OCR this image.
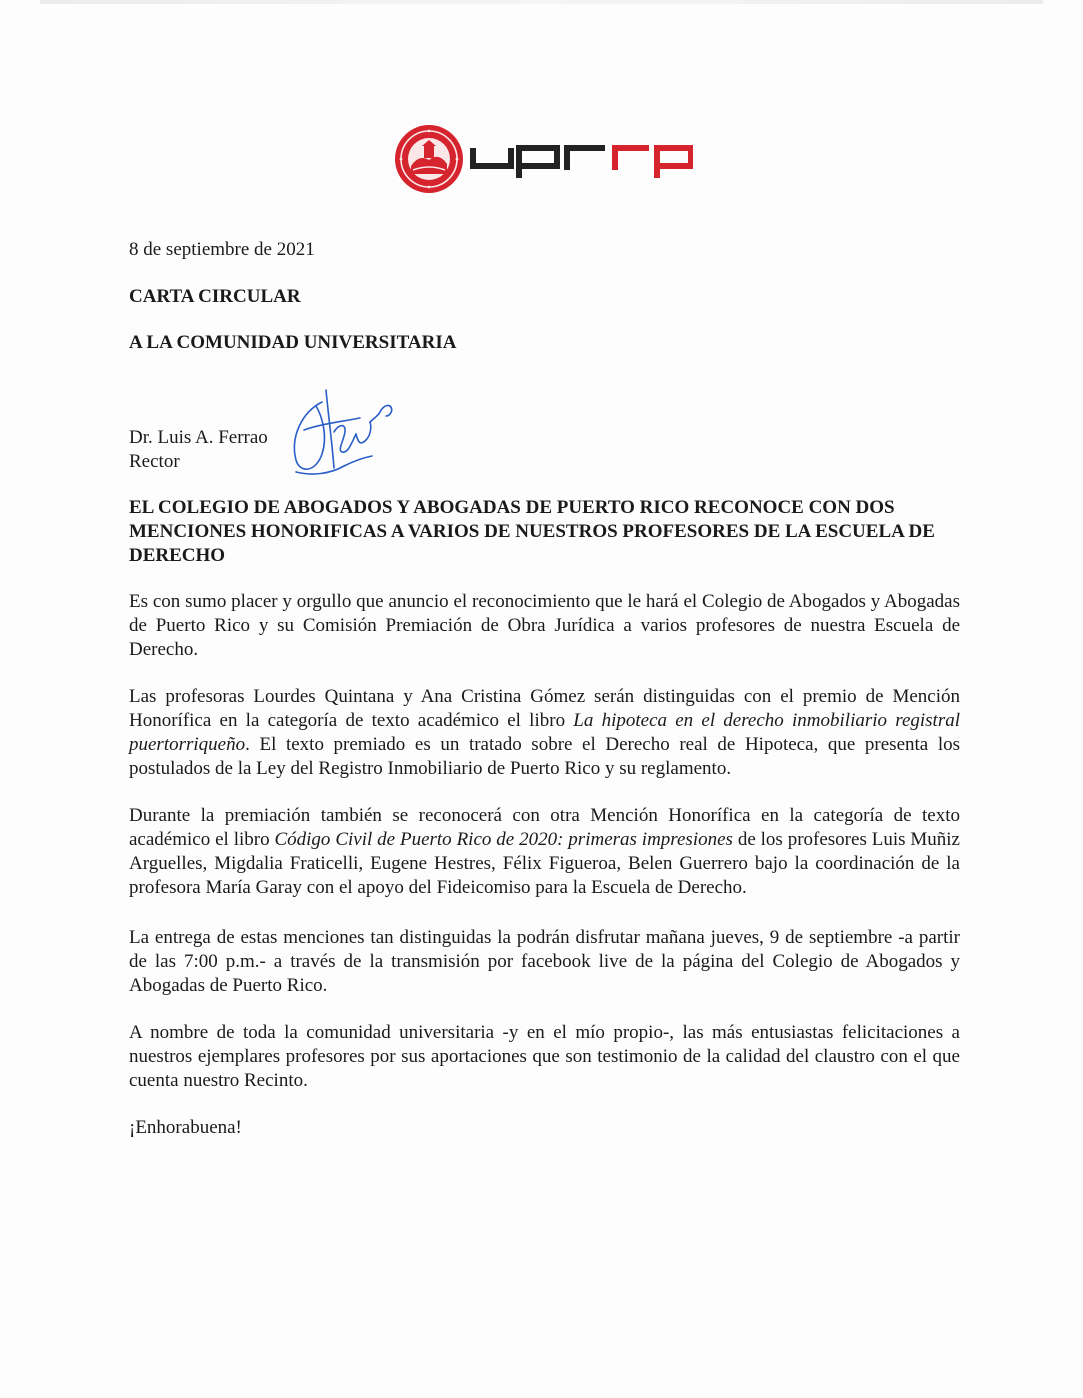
8 de septiembre de 2021

CARTA CIRCULAR

A LA COMUNIDAD UNIVERSITARIA

Dr. Luis A. Ferrao

Rector

EL COLEGIO DE ABOGADOS Y ABOGADAS DE PUERTO RICO RECONOCE CON DOS MENCIONES HONORIFICAS A VARIOS DE NUESTROS PROFESORES DE LA ESCUELA DE DERECHO

Es con sumo placer y orgullo que anuncio el reconocimiento que le hará el Colegio de Abogados y Abogadas de Puerto Rico y su Comisión Premiación de Obra Jurídica a varios profesores de nuestra Escuela de Derecho.

Las profesoras Lourdes Quintana y Ana Cristina Gómez serán distinguidas con el premio de Mención Honorífica en la categoría de texto académico el libro La hipoteca en el derecho inmobiliario registral puertorriqueño. El texto premiado es un tratado sobre el Derecho real de Hipoteca, que presenta los postulados de la Ley del Registro Inmobiliario de Puerto Rico y su reglamento.

Durante la premiación también se reconocerá con otra Mención Honorífica en la categoría de texto académico el libro Código Civil de Puerto Rico de 2020: primeras impresiones de los profesores Luis Muñiz Arguelles, Migdalia Fraticelli, Eugene Hestres, Félix Figueroa, Belen Guerrero bajo la coordinación de la profesora María Garay con el apoyo del Fideicomiso para la Escuela de Derecho.

La entrega de estas menciones tan distinguidas la podrán disfrutar mañana jueves, 9 de septiembre -a partir de las 7:00 p.m.- a través de la transmisión por facebook live de la página del Colegio de Abogados y Abogadas de Puerto Rico.

A nombre de toda la comunidad universitaria -y en el mío propio-, las más entusiastas felicitaciones a nuestros ejemplares profesores por sus aportaciones que son testimonio de la calidad del claustro con el que cuenta nuestro Recinto.

¡Enhorabuena!
